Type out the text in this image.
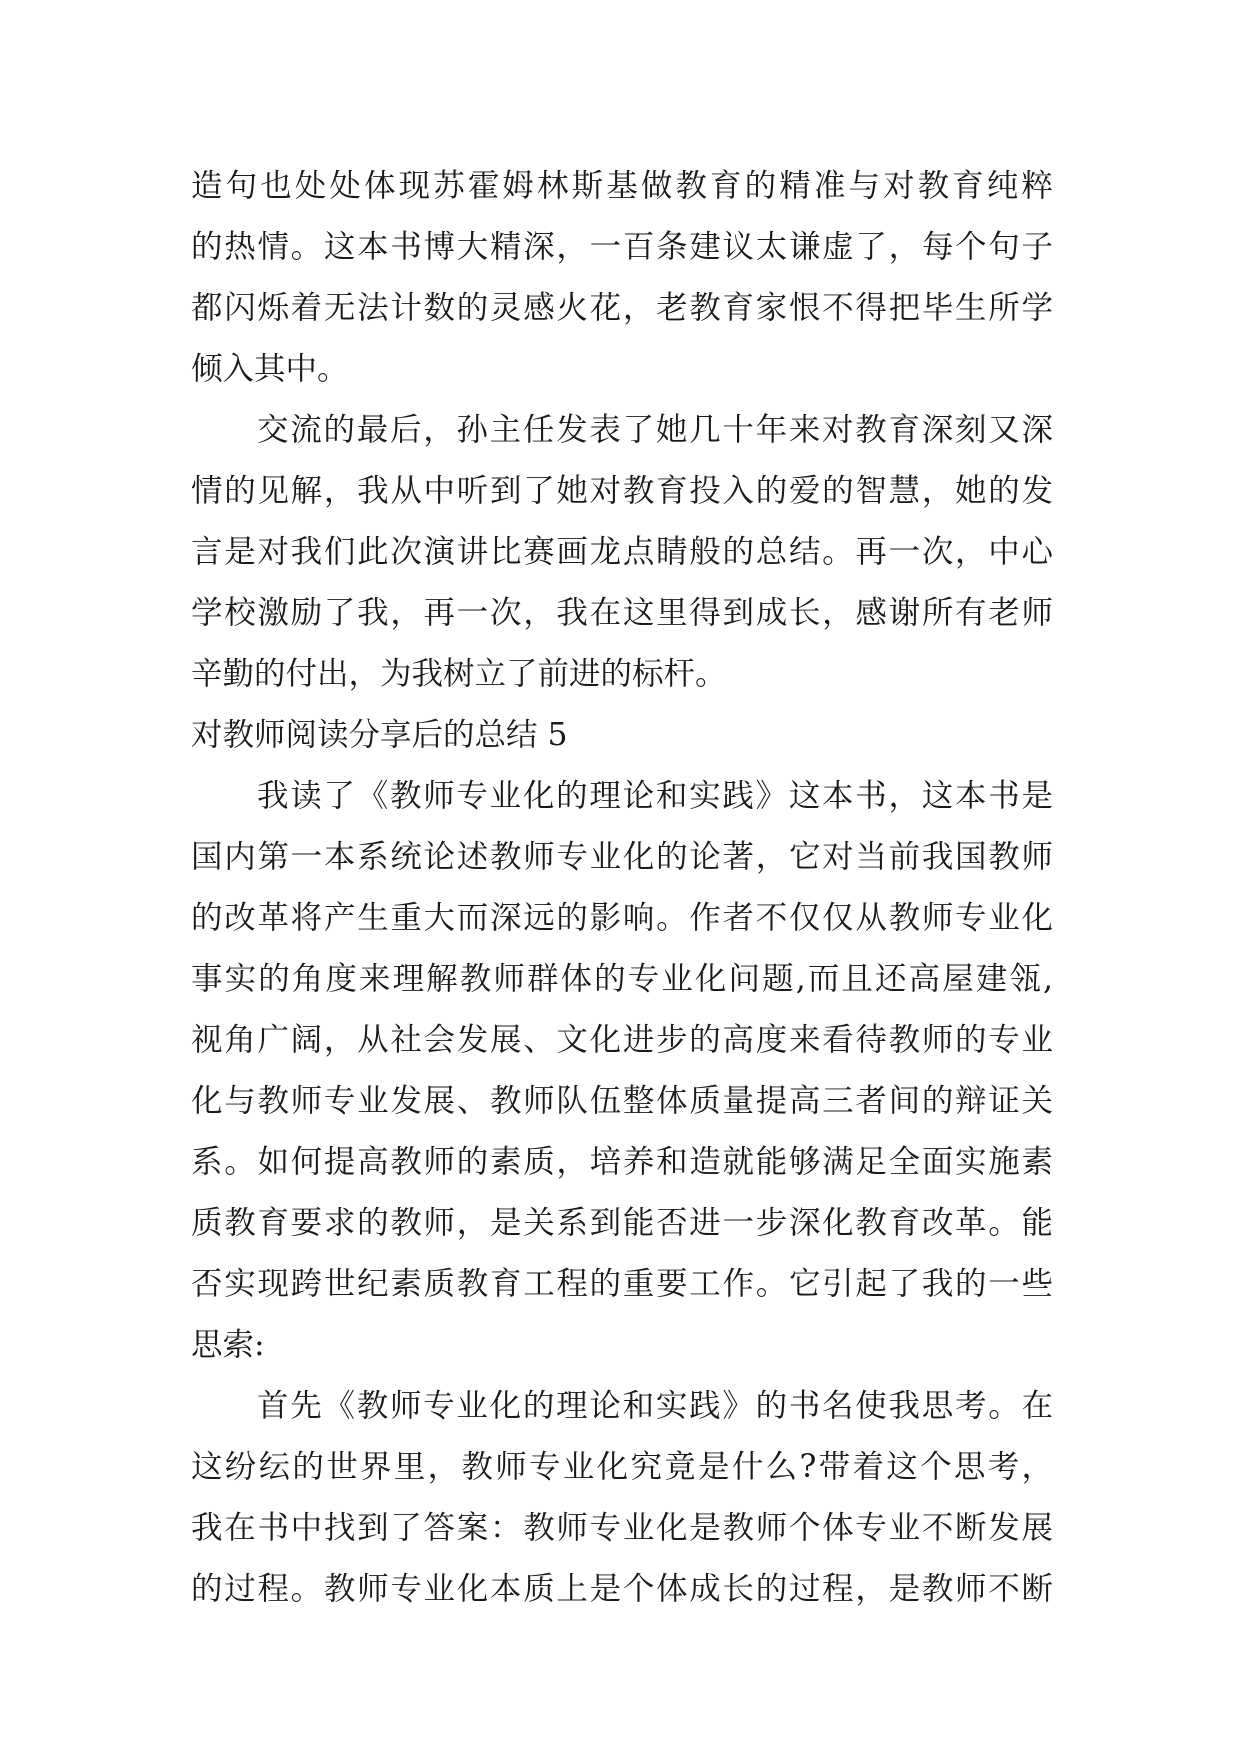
造句也处处体现苏霍姆林斯基做教育的精准与对教育纯粹
的热情。这本书博大精深，一百条建议太谦虚了，每个句子
都闪烁着无法计数的灵感火花，老教育家恨不得把毕生所学
倾入其中。
交流的最后，孙主任发表了她几十年来对教育深刻又深
情的见解，我从中听到了她对教育投入的爱的智慧，她的发
言是对我们此次演讲比赛画龙点睛般的总结。再一次，中心
学校激励了我，再一次，我在这里得到成长，感谢所有老师
辛勤的付出，为我树立了前进的标杆。
对教师阅读分享后的总结 5
我读了《教师专业化的理论和实践》这本书，这本书是
国内第一本系统论述教师专业化的论著，它对当前我国教师
的改革将产生重大而深远的影响。作者不仅仅从教师专业化
事实的角度来理解教师群体的专业化问题,而且还高屋建瓴,
视角广阔，从社会发展、文化进步的高度来看待教师的专业
化与教师专业发展、教师队伍整体质量提高三者间的辩证关
系。如何提高教师的素质，培养和造就能够满足全面实施素
质教育要求的教师，是关系到能否进一步深化教育改革。能
否实现跨世纪素质教育工程的重要工作。它引起了我的一些
思索:
首先《教师专业化的理论和实践》的书名使我思考。在
这纷纭的世界里，教师专业化究竟是什么?带着这个思考，
我在书中找到了答案：教师专业化是教师个体专业不断发展
的过程。教师专业化本质上是个体成长的过程，是教师不断
